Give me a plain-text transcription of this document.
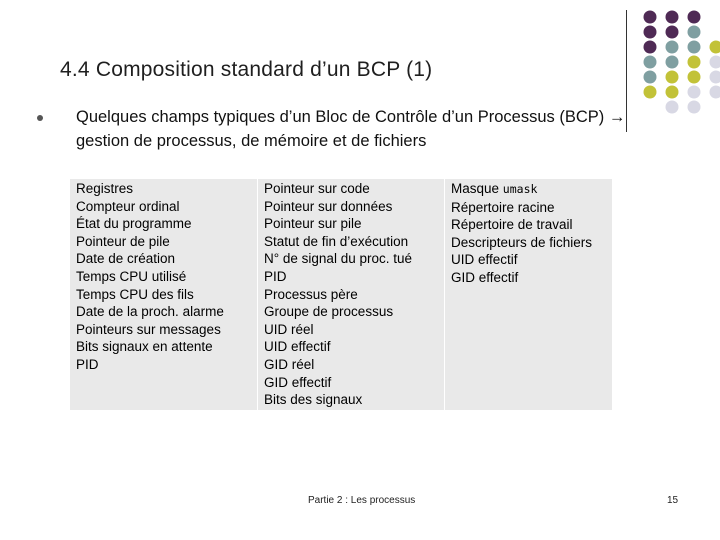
4.4 Composition standard d’un BCP (1)
Quelques champs typiques d’un Bloc de Contrôle d’un Processus (BCP) → gestion de processus, de mémoire et de fichiers
Registres
Compteur ordinal
État du programme
Pointeur de pile
Date de création
Temps CPU utilisé
Temps CPU des fils
Date de la proch. alarme
Pointeurs sur messages
Bits signaux en attente
PID
Pointeur sur code
Pointeur sur données
Pointeur sur pile
Statut de fin d’exécution
N° de signal du proc. tué
PID
Processus père
Groupe de processus
UID réel
UID effectif
GID réel
GID effectif
Bits des signaux
Masque umask
Répertoire racine
Répertoire de travail
Descripteurs de fichiers
UID effectif
GID effectif
Partie 2 : Les processus	15
